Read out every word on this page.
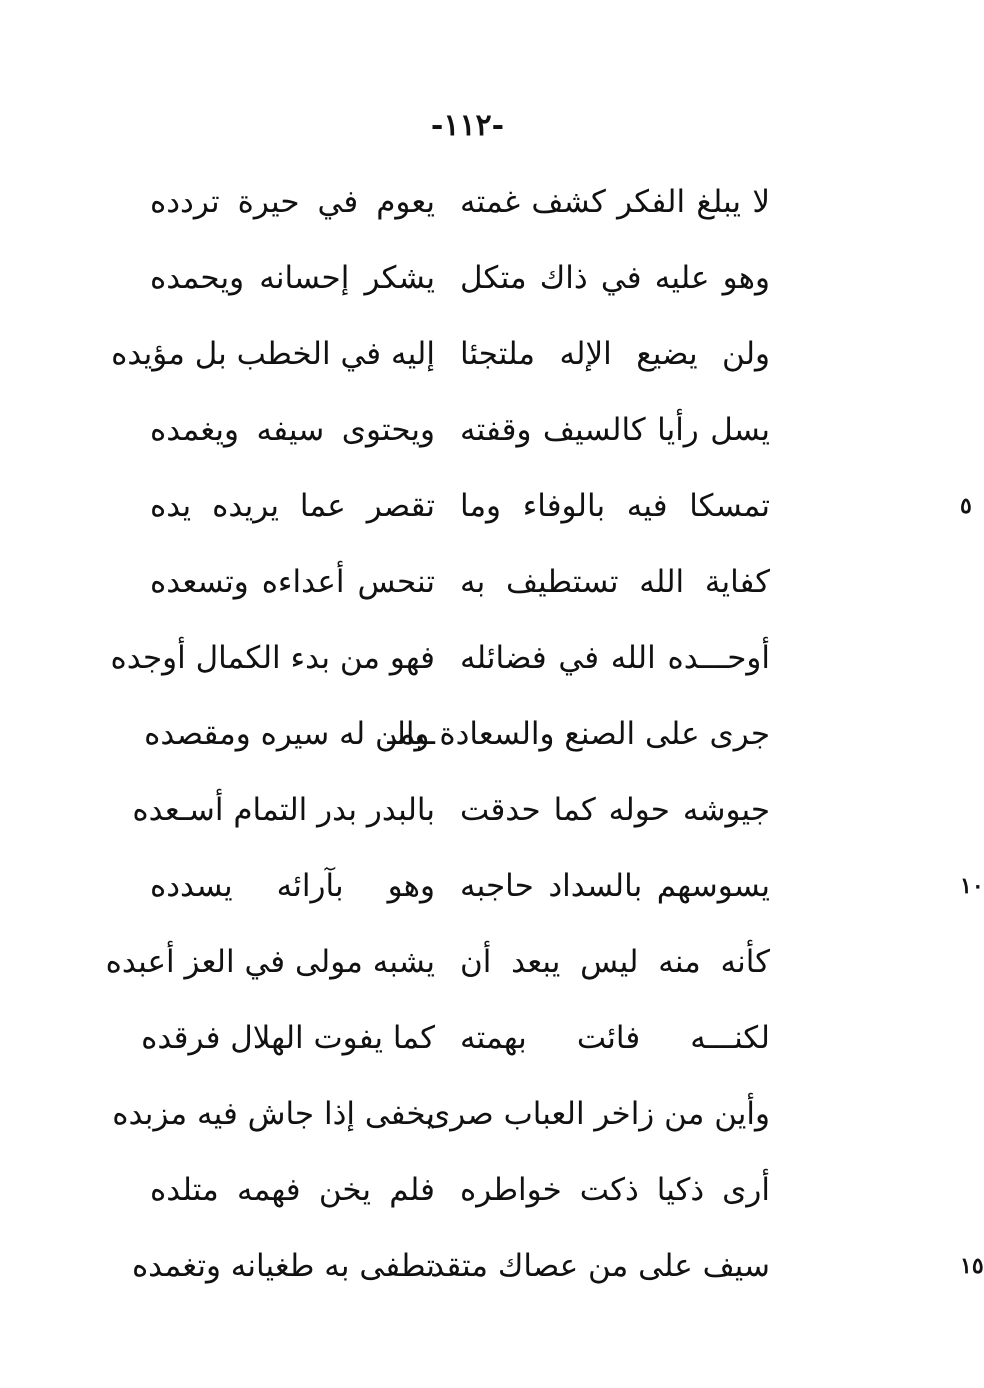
-١١٢-
لا يبلغ الفكر كشف غمته
يعوم في حيرة تردده
وهو عليه في ذاك متكل
يشكر إحسانه ويحمده
ولن يضيع الإله ملتجئا
إليه في الخطب بل مؤيده
يسل رأيا كالسيف وقفته
ويحتوى سيفه ويغمده
تمسكا فيه بالوفاء وما
تقصر عما يريده يده	٥
كفاية الله تستطيف به
تنحس أعداءه وتسعده
أوحـــده الله في فضائله
فهو من بدء الكمال أوجده
جرى على الصنع والسعادة والـ
ـيمن له سيره ومقصده
جيوشه حوله كما حدقت
بالبدر بدر التمام أسـعده
يسوسهم بالسداد حاجبه
وهو بآرائه يسدده	١٠
كأنه منه ليس يبعد أن
يشبه مولى في العز أعبده
لكنـــه فائت بهمته
كما يفوت الهلال فرقده
وأين من زاخر العباب صرى
يخفى إذا جاش فيه مزبده
أرى ذكيا ذكت خواطره
فلم يخن فهمه متلده
سيف على من عصاك متقد
تطفى به طغيانه وتغمده	١٥
